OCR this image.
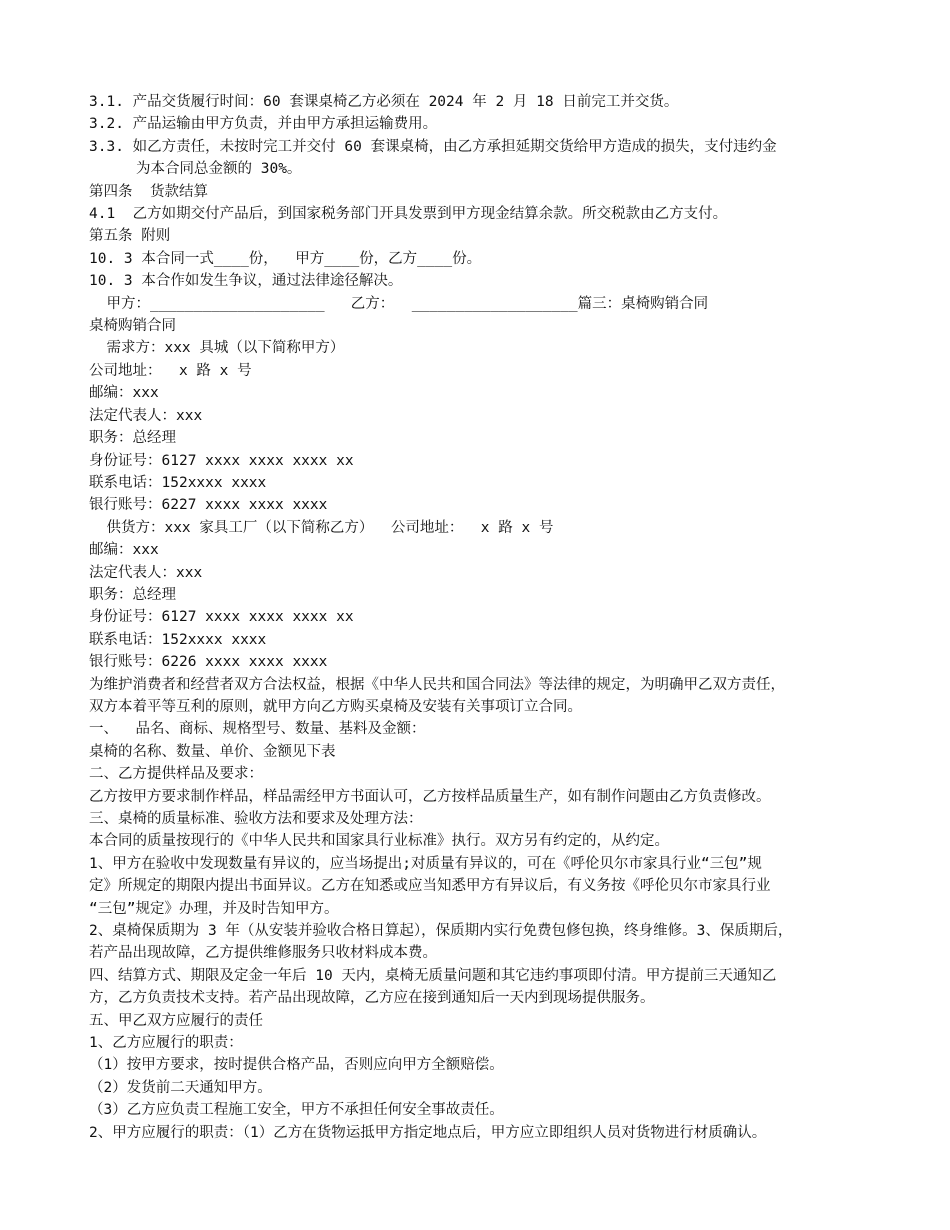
3.1. 产品交货履行时间：60 套课桌椅乙方必须在 2024 年 2 月 18 日前完工并交货。

3.2. 产品运输由甲方负责，并由甲方承担运输费用。

3.3. 如乙方责任，未按时完工并交付 60 套课桌椅，由乙方承担延期交货给甲方造成的损失，支付违约金

为本合同总金额的 30%。

第四条  货款结算

4.1  乙方如期交付产品后，到国家税务部门开具发票到甲方现金结算余款。所交税款由乙方支付。

第五条 附则

10. 3 本合同一式____份，  甲方____份，乙方____份。

10. 3 本合作如发生争议，通过法律途径解决。

甲方：____________________   乙方：  ___________________篇三：桌椅购销合同

桌椅购销合同

需求方：xxx 具城（以下简称甲方）

公司地址：  x 路 x 号

邮编：xxx

法定代表人：xxx

职务：总经理

身份证号：6127 xxxx xxxx xxxx xx

联系电话：152xxxx xxxx

银行账号：6227 xxxx xxxx xxxx

供货方：xxx 家具工厂（以下简称乙方）  公司地址：  x 路 x 号

邮编：xxx

法定代表人：xxx

职务：总经理

身份证号：6127 xxxx xxxx xxxx xx

联系电话：152xxxx xxxx

银行账号：6226 xxxx xxxx xxxx

为维护消费者和经营者双方合法权益，根据《中华人民共和国合同法》等法律的规定，为明确甲乙双方责任，

双方本着平等互利的原则，就甲方向乙方购买桌椅及安装有关事项订立合同。

一、  品名、商标、规格型号、数量、基料及金额：

桌椅的名称、数量、单价、金额见下表

二、乙方提供样品及要求：

乙方按甲方要求制作样品，样品需经甲方书面认可，乙方按样品质量生产，如有制作问题由乙方负责修改。

三、桌椅的质量标准、验收方法和要求及处理方法：

本合同的质量按现行的《中华人民共和国家具行业标准》执行。双方另有约定的，从约定。

1、甲方在验收中发现数量有异议的，应当场提出;对质量有异议的，可在《呼伦贝尔市家具行业“三包”规

定》所规定的期限内提出书面异议。乙方在知悉或应当知悉甲方有异议后，有义务按《呼伦贝尔市家具行业

“三包”规定》办理，并及时告知甲方。

2、桌椅保质期为 3 年（从安装并验收合格日算起），保质期内实行免费包修包换，终身维修。3、保质期后，

若产品出现故障，乙方提供维修服务只收材料成本费。

四、结算方式、期限及定金一年后 10 天内，桌椅无质量问题和其它违约事项即付清。甲方提前三天通知乙

方，乙方负责技术支持。若产品出现故障，乙方应在接到通知后一天内到现场提供服务。

五、甲乙双方应履行的责任

1、乙方应履行的职责：

（1）按甲方要求，按时提供合格产品，否则应向甲方全额赔偿。

（2）发货前二天通知甲方。

（3）乙方应负责工程施工安全，甲方不承担任何安全事故责任。

2、甲方应履行的职责：（1）乙方在货物运抵甲方指定地点后，甲方应立即组织人员对货物进行材质确认。
